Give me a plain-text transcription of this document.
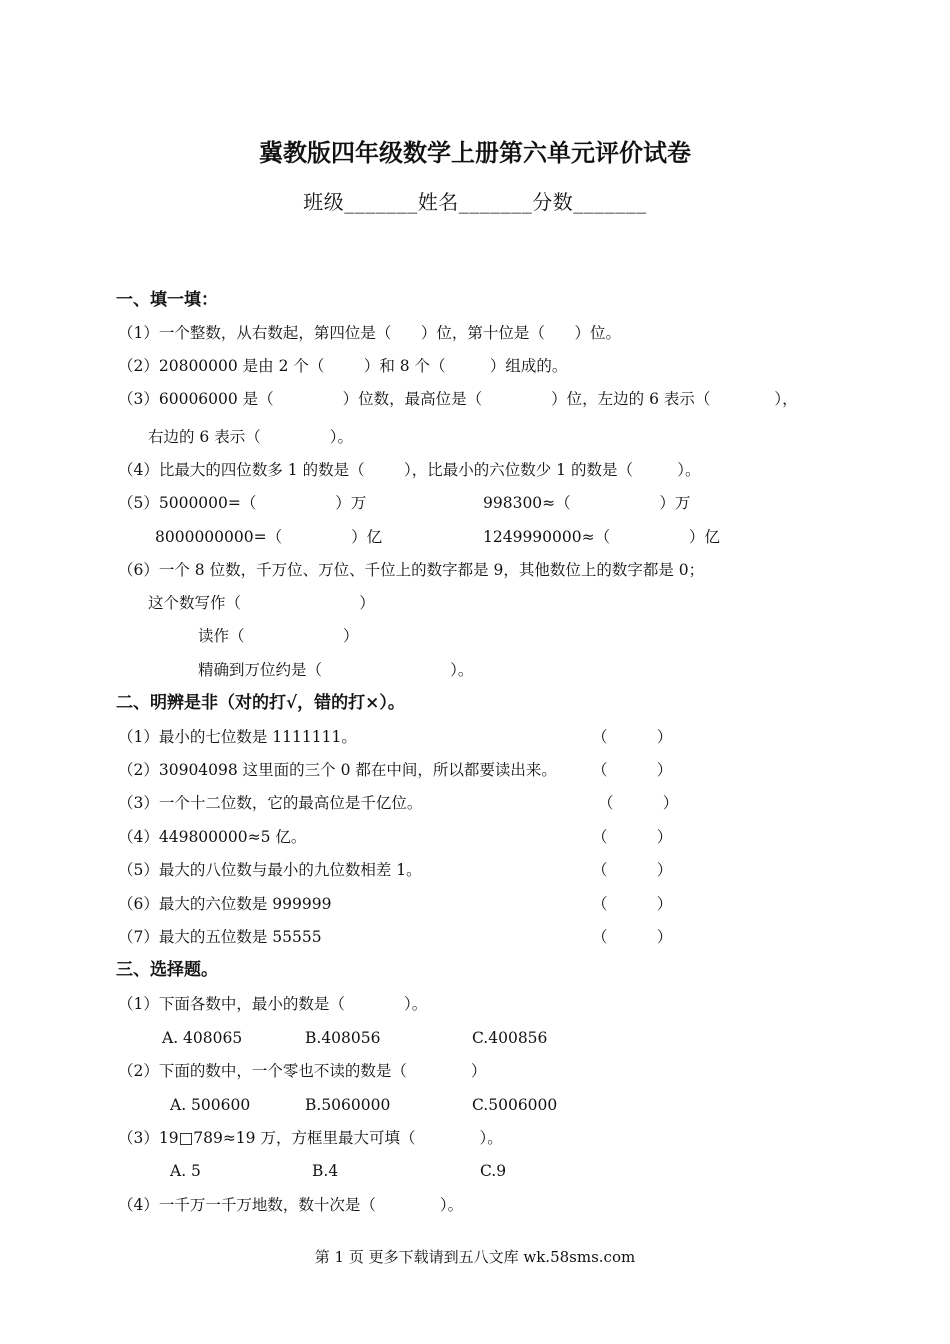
冀教版四年级数学上册第六单元评价试卷
班级_______姓名_______分数_______
一、填一填：
（1）一个整数，从右数起，第四位是（      ）位，第十位是（      ）位。
（2）20800000 是由 2 个（        ）和 8 个（         ）组成的。
（3）60006000 是（              ）位数，最高位是（              ）位，左边的 6 表示（             ），
右边的 6 表示（              ）。
（4）比最大的四位数多 1 的数是（        ），比最小的六位数少 1 的数是（         ）。
（5）5000000=（                ）万	998300≈（                  ）万
8000000000=（              ）亿	1249990000≈（                ）亿
（6）一个 8 位数，千万位、万位、千位上的数字都是 9，其他数位上的数字都是 0；
这个数写作（                        ）
读作（                    ）
精确到万位约是（                          ）。
二、明辨是非（对的打√，错的打×）。
（1）最小的七位数是 1111111。	（          ）
（2）30904098 这里面的三个 0 都在中间，所以都要读出来。 （          ）
（3）一个十二位数，它的最高位是千亿位。	（          ）
（4）449800000≈5 亿。	（          ）
（5）最大的八位数与最小的九位数相差 1。	（          ）
（6）最大的六位数是 999999	（          ）
（7）最大的五位数是 55555	（          ）
三、选择题。
（1）下面各数中，最小的数是（            ）。
A. 408065	B.408056	C.400856
（2）下面的数中，一个零也不读的数是（             ）
A. 500600	B.5060000	C.5006000
（3）19□789≈19 万，方框里最大可填（             ）。
A. 5	B.4	C.9
（4）一千万一千万地数，数十次是（             ）。
第 1 页 更多下载请到五八文库 wk.58sms.com
